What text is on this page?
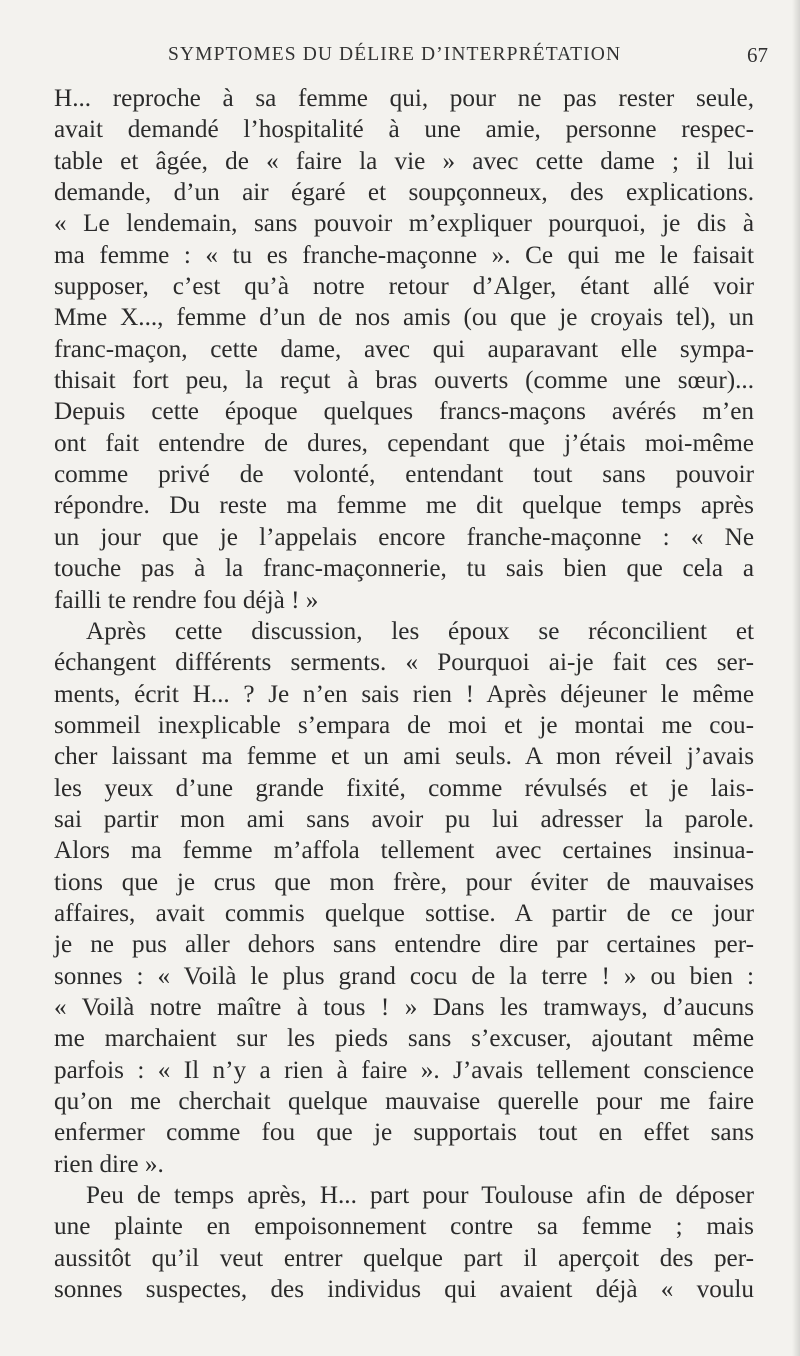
SYMPTOMES DU DÉLIRE D’INTERPRÉTATION	67
H... reproche à sa femme qui, pour ne pas rester seule,
avait demandé l’hospitalité à une amie, personne respec-
table et âgée, de « faire la vie » avec cette dame ; il lui
demande, d’un air égaré et soupçonneux, des explications.
« Le lendemain, sans pouvoir m’expliquer pourquoi, je dis à
ma femme : « tu es franche-maçonne ». Ce qui me le faisait
supposer, c’est qu’à notre retour d’Alger, étant allé voir
Mme X..., femme d’un de nos amis (ou que je croyais tel), un
franc-maçon, cette dame, avec qui auparavant elle sympa-
thisait fort peu, la reçut à bras ouverts (comme une sœur)...
Depuis cette époque quelques francs-maçons avérés m’en
ont fait entendre de dures, cependant que j’étais moi-même
comme privé de volonté, entendant tout sans pouvoir
répondre. Du reste ma femme me dit quelque temps après
un jour que je l’appelais encore franche-maçonne : « Ne
touche pas à la franc-maçonnerie, tu sais bien que cela a
failli te rendre fou déjà ! »
Après cette discussion, les époux se réconcilient et
échangent différents serments. « Pourquoi ai-je fait ces ser-
ments, écrit H... ? Je n’en sais rien ! Après déjeuner le même
sommeil inexplicable s’empara de moi et je montai me cou-
cher laissant ma femme et un ami seuls. A mon réveil j’avais
les yeux d’une grande fixité, comme révulsés et je lais-
sai partir mon ami sans avoir pu lui adresser la parole.
Alors ma femme m’affola tellement avec certaines insinua-
tions que je crus que mon frère, pour éviter de mauvaises
affaires, avait commis quelque sottise. A partir de ce jour
je ne pus aller dehors sans entendre dire par certaines per-
sonnes : « Voilà le plus grand cocu de la terre ! » ou bien :
« Voilà notre maître à tous ! » Dans les tramways, d’aucuns
me marchaient sur les pieds sans s’excuser, ajoutant même
parfois : « Il n’y a rien à faire ». J’avais tellement conscience
qu’on me cherchait quelque mauvaise querelle pour me faire
enfermer comme fou que je supportais tout en effet sans
rien dire ».
Peu de temps après, H... part pour Toulouse afin de déposer
une plainte en empoisonnement contre sa femme ; mais
aussitôt qu’il veut entrer quelque part il aperçoit des per-
sonnes suspectes, des individus qui avaient déjà « voulu
